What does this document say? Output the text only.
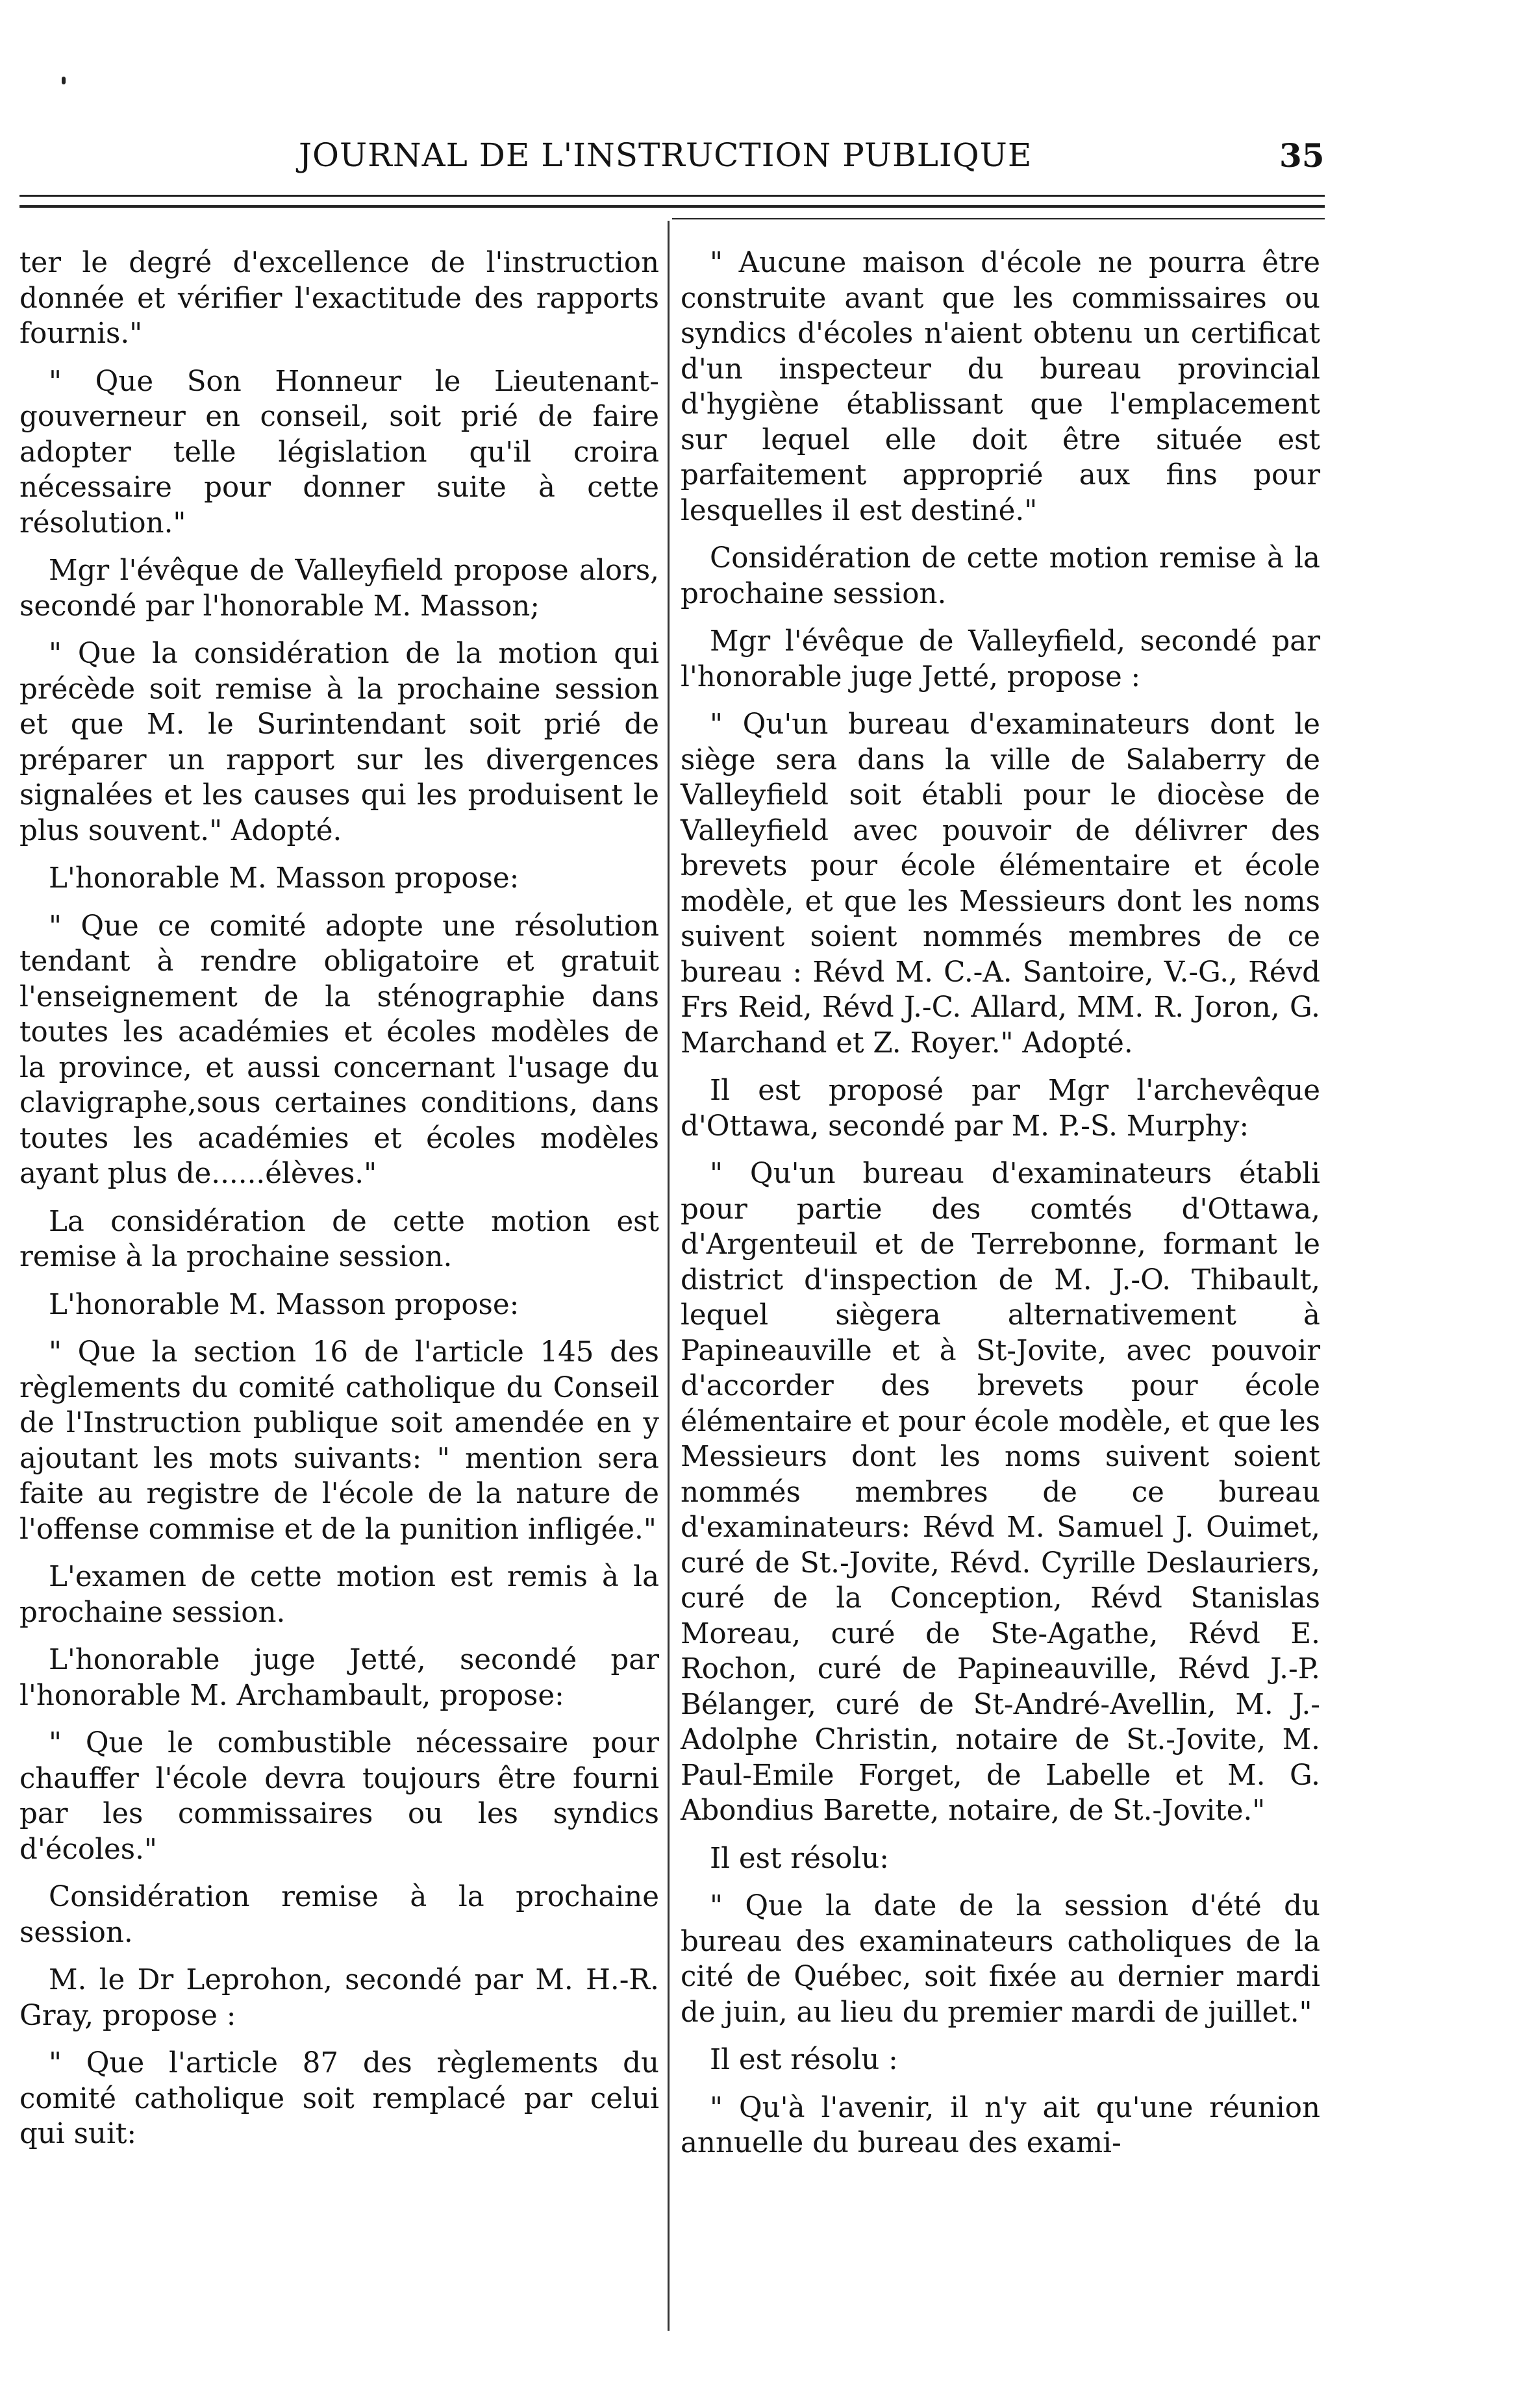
JOURNAL DE L'INSTRUCTION PUBLIQUE	35

ter le degré d'excellence de l'instruction donnée et vérifier l'exactitude des rapports fournis."

" Que Son Honneur le Lieutenant-gouverneur en conseil, soit prié de faire adopter telle législation qu'il croira nécessaire pour donner suite à cette résolution."

Mgr l'évêque de Valleyfield propose alors, secondé par l'honorable M. Masson;

" Que la considération de la motion qui précède soit remise à la prochaine session et que M. le Surintendant soit prié de préparer un rapport sur les divergences signalées et les causes qui les produisent le plus souvent." Adopté.

L'honorable M. Masson propose:

" Que ce comité adopte une résolution tendant à rendre obligatoire et gratuit l'enseignement de la sténographie dans toutes les académies et écoles modèles de la province, et aussi concernant l'usage du clavigraphe,sous certaines conditions, dans toutes les académies et écoles modèles ayant plus de......élèves."

La considération de cette motion est remise à la prochaine session.

L'honorable M. Masson propose:

" Que la section 16 de l'article 145 des règlements du comité catholique du Conseil de l'Instruction publique soit amendée en y ajoutant les mots suivants: " mention sera faite au registre de l'école de la nature de l'offense commise et de la punition infligée."

L'examen de cette motion est remis à la prochaine session.

L'honorable juge Jetté, secondé par l'honorable M. Archambault, propose:

" Que le combustible nécessaire pour chauffer l'école devra toujours être fourni par les commissaires ou les syndics d'écoles."

Considération remise à la prochaine session.

M. le Dr Leprohon, secondé par M. H.-R. Gray, propose :

" Que l'article 87 des règlements du comité catholique soit remplacé par celui qui suit:

" Aucune maison d'école ne pourra être construite avant que les commissaires ou syndics d'écoles n'aient obtenu un certificat d'un inspecteur du bureau provincial d'hygiène établissant que l'emplacement sur lequel elle doit être située est parfaitement approprié aux fins pour lesquelles il est destiné."

Considération de cette motion remise à la prochaine session.

Mgr l'évêque de Valleyfield, secondé par l'honorable juge Jetté, propose :

" Qu'un bureau d'examinateurs dont le siège sera dans la ville de Salaberry de Valleyfield soit établi pour le diocèse de Valleyfield avec pouvoir de délivrer des brevets pour école élémentaire et école modèle, et que les Messieurs dont les noms suivent soient nommés membres de ce bureau : Révd M. C.-A. Santoire, V.-G., Révd Frs Reid, Révd J.-C. Allard, MM. R. Joron, G. Marchand et Z. Royer." Adopté.

Il est proposé par Mgr l'archevêque d'Ottawa, secondé par M. P.-S. Murphy:

" Qu'un bureau d'examinateurs établi pour partie des comtés d'Ottawa, d'Argenteuil et de Terrebonne, formant le district d'inspection de M. J.-O. Thibault, lequel siègera alternativement à Papineauville et à St-Jovite, avec pouvoir d'accorder des brevets pour école élémentaire et pour école modèle, et que les Messieurs dont les noms suivent soient nommés membres de ce bureau d'examinateurs: Révd M. Samuel J. Ouimet, curé de St.-Jovite, Révd. Cyrille Deslauriers, curé de la Conception, Révd Stanislas Moreau, curé de Ste-Agathe, Révd E. Rochon, curé de Papineauville, Révd J.-P. Bélanger, curé de St-André-Avellin, M. J.-Adolphe Christin, notaire de St.-Jovite, M. Paul-Emile Forget, de Labelle et M. G. Abondius Barette, notaire, de St.-Jovite."

Il est résolu:

" Que la date de la session d'été du bureau des examinateurs catholiques de la cité de Québec, soit fixée au dernier mardi de juin, au lieu du premier mardi de juillet."

Il est résolu :

" Qu'à l'avenir, il n'y ait qu'une réunion annuelle du bureau des exami-
